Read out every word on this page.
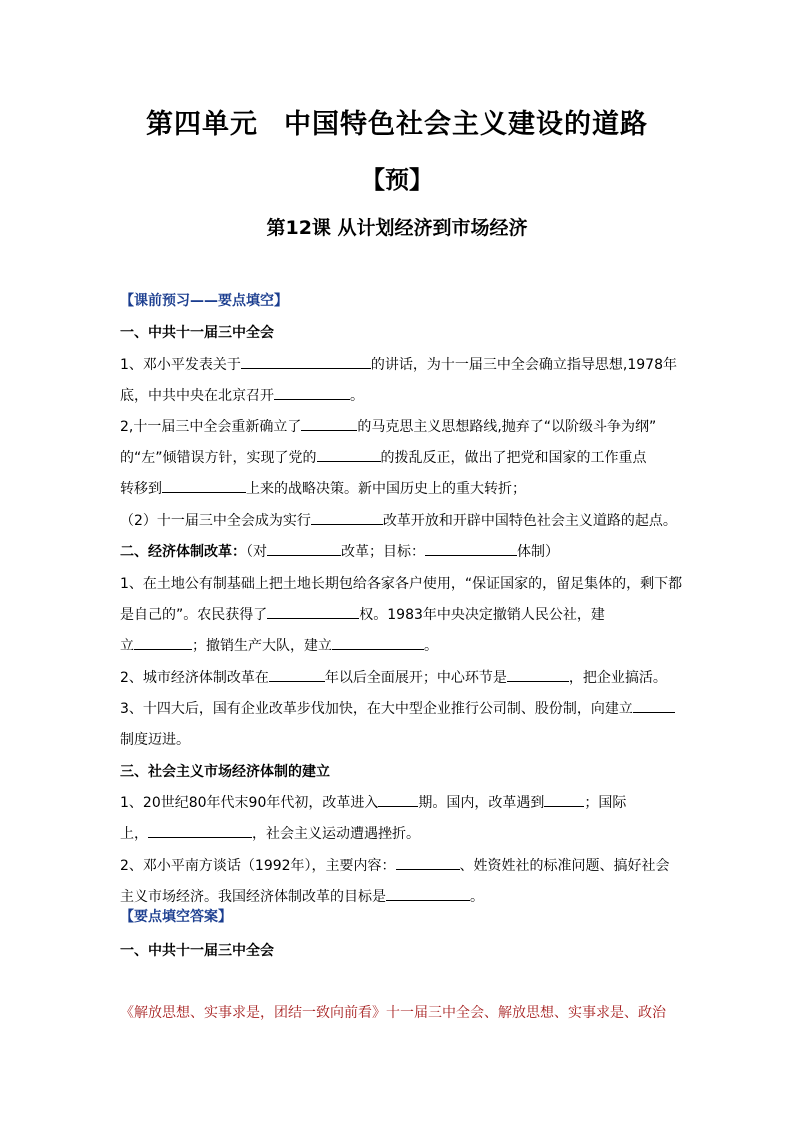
第四单元 中国特色社会主义建设的道路
【预】
第12课 从计划经济到市场经济
【课前预习——要点填空】
一、中共十一届三中全会
1、邓小平发表关于	的讲话，为十一届三中全会确立指导思想,1978年
底，中共中央在北京召开	。
2,十一届三中全会重新确立了	的马克思主义思想路线,抛弃了“以阶级斗争为纲”
的“左”倾错误方针，实现了党的	的拨乱反正，做出了把党和国家的工作重点
转移到	上来的战略决策。新中国历史上的重大转折；
（2）十一届三中全会成为实行	改革开放和开辟中国特色社会主义道路的起点。
二、经济体制改革：（对	改革；目标：	体制）
1、在土地公有制基础上把土地长期包给各家各户使用，“保证国家的，留足集体的，剩下都
是自己的”。农民获得了	权。1983年中央决定撤销人民公社，建
立	；撤销生产大队，建立	。
2、城市经济体制改革在	年以后全面展开；中心环节是	，把企业搞活。
3、十四大后，国有企业改革步伐加快，在大中型企业推行公司制、股份制，向建立
制度迈进。
三、社会主义市场经济体制的建立
1、20世纪80年代末90年代初，改革进入	期。国内，改革遇到	；国际
上，	，社会主义运动遭遇挫折。
2、邓小平南方谈话（1992年），主要内容：	、姓资姓社的标准问题、搞好社会
主义市场经济。我国经济体制改革的目标是	。
【要点填空答案】
一、中共十一届三中全会
《解放思想、实事求是，团结一致向前看》十一届三中全会、解放思想、实事求是、政治
